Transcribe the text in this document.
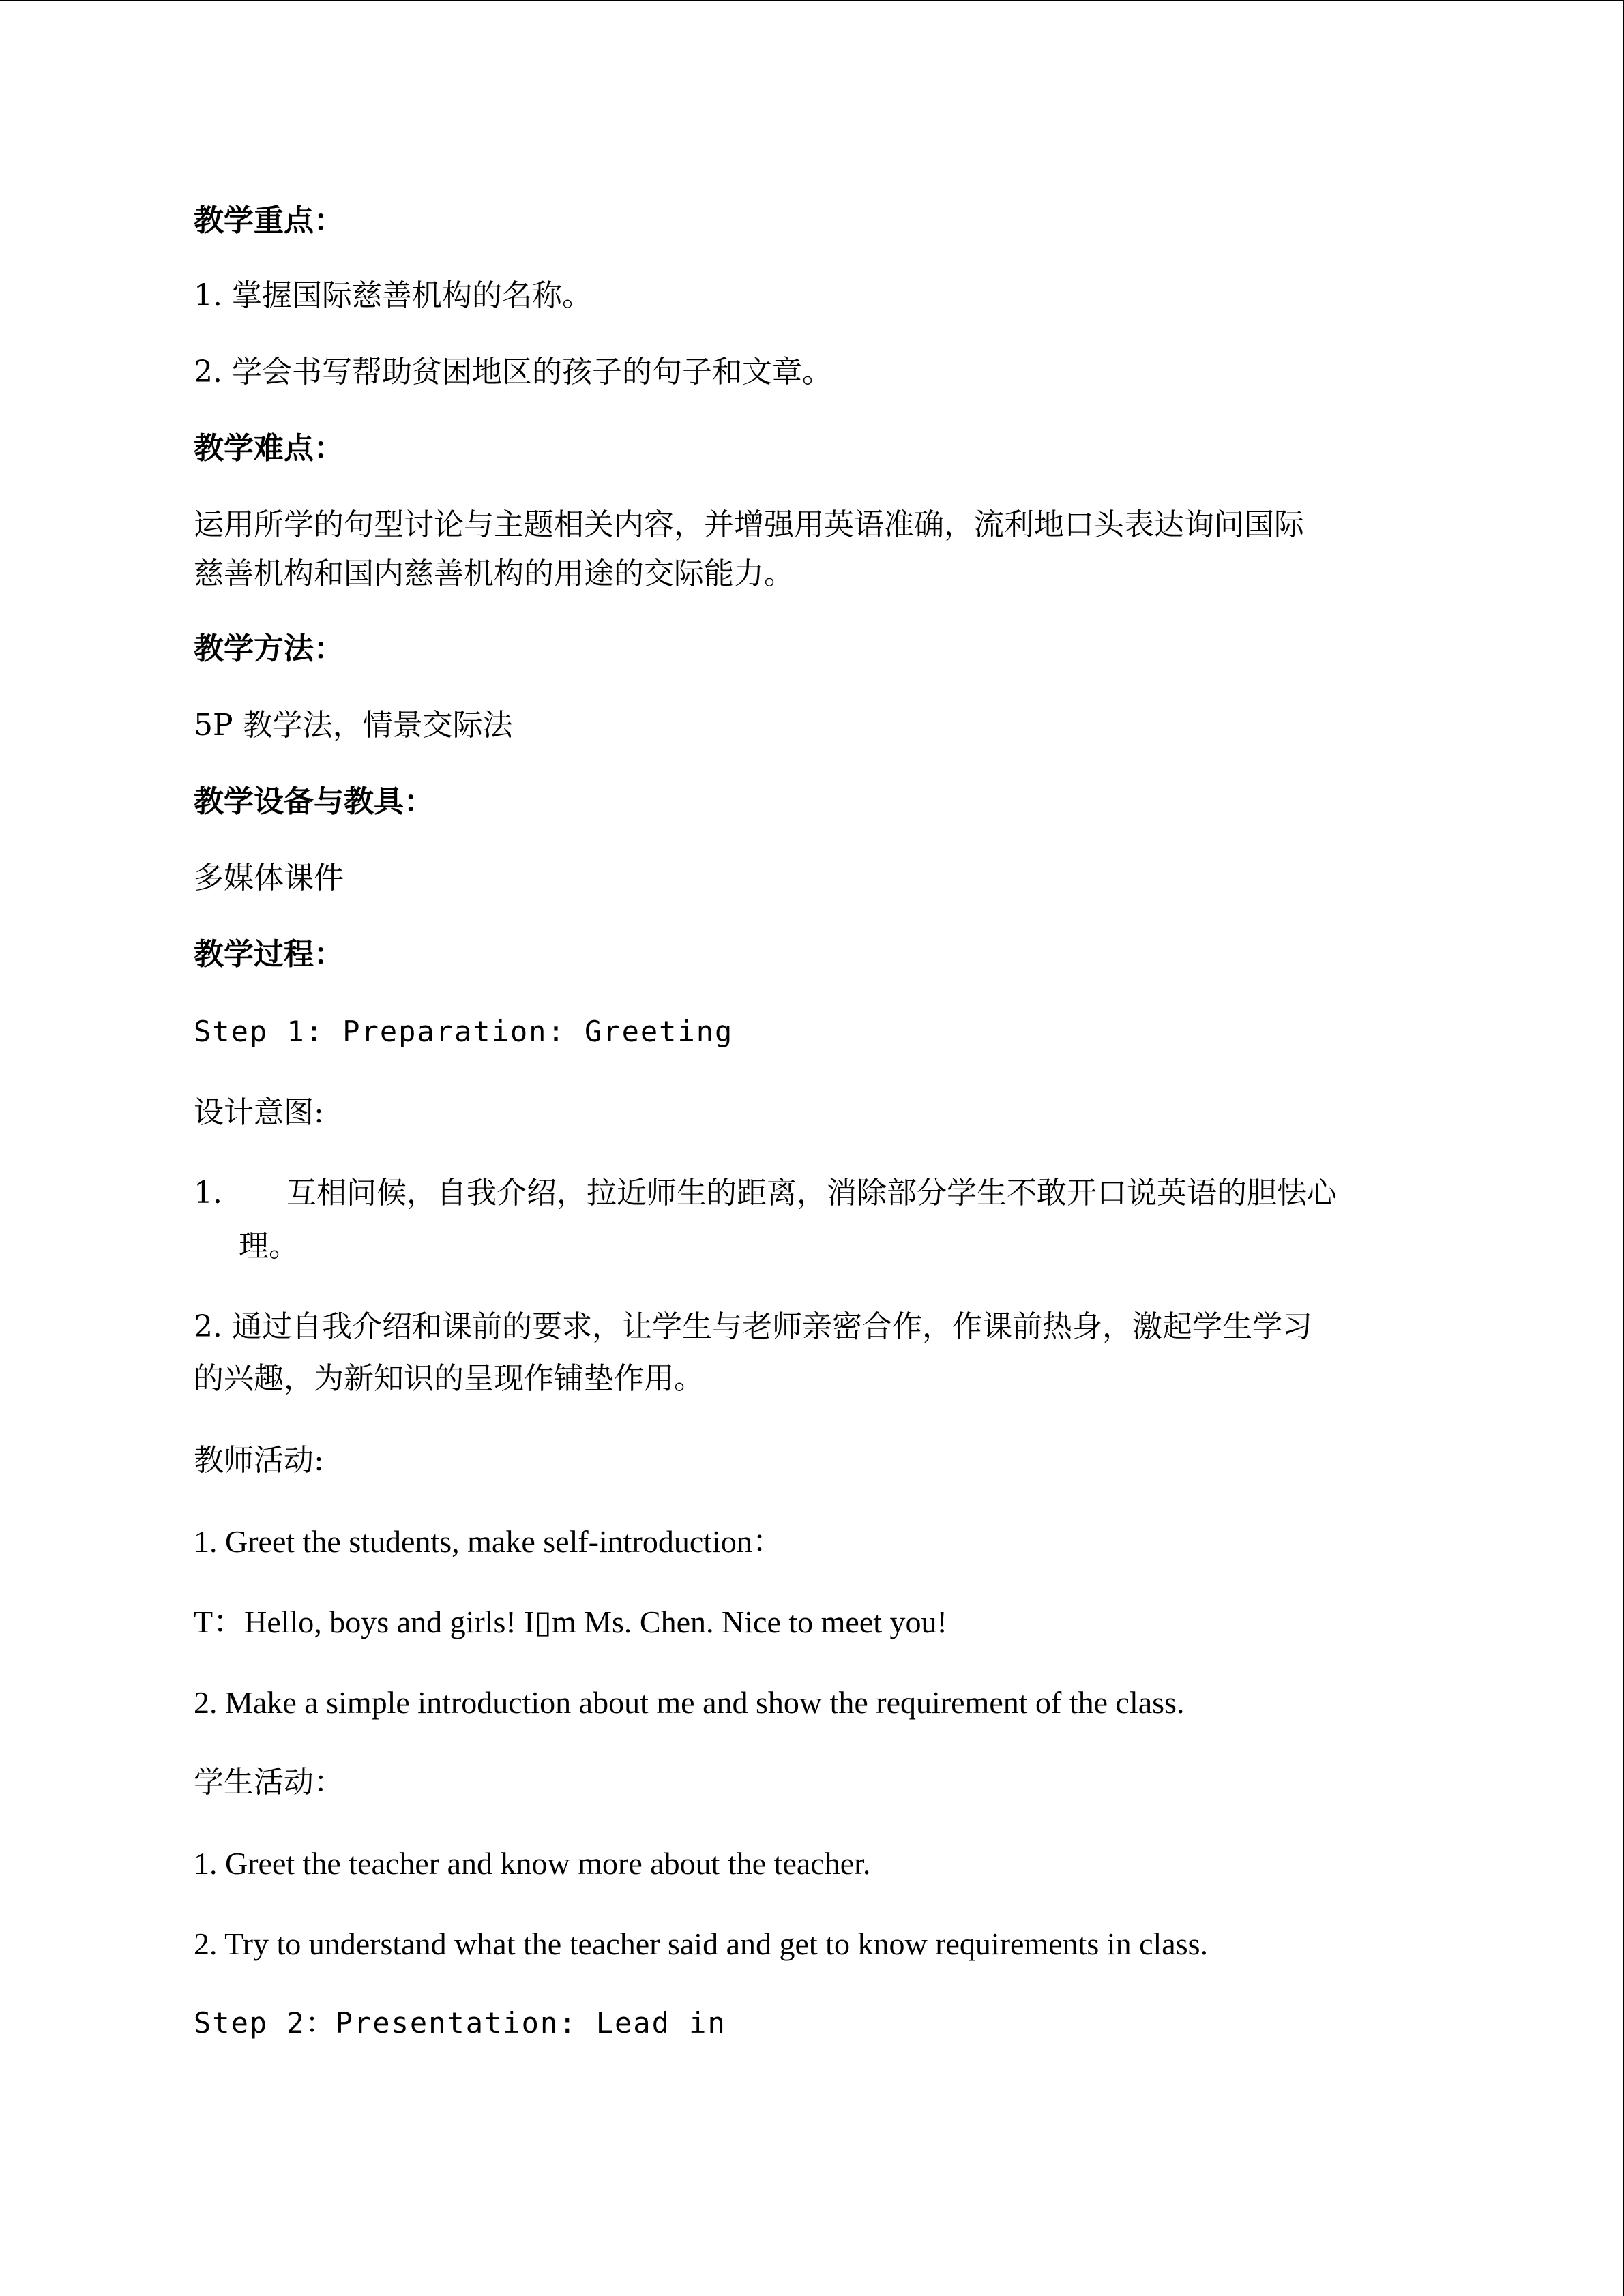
教学重点：
1. 掌握国际慈善机构的名称。
2. 学会书写帮助贫困地区的孩子的句子和文章。
教学难点：
运用所学的句型讨论与主题相关内容，并增强用英语准确，流利地口头表达询问国际
慈善机构和国内慈善机构的用途的交际能力。
教学方法：
5P 教学法，情景交际法
教学设备与教具：
多媒体课件
教学过程：
Step 1: Preparation: Greeting
设计意图:
1. 互相问候，自我介绍，拉近师生的距离，消除部分学生不敢开口说英语的胆怯心
理。
2. 通过自我介绍和课前的要求，让学生与老师亲密合作，作课前热身，激起学生学习
的兴趣，为新知识的呈现作铺垫作用。
教师活动:
1. Greet the students, make self-introduction：
T：Hello, boys and girls! I▯m Ms. Chen. Nice to meet you!
2. Make a simple introduction about me and show the requirement of the class.
学生活动：
1. Greet the teacher and know more about the teacher.
2. Try to understand what the teacher said and get to know requirements in class.
Step 2：Presentation: Lead in
